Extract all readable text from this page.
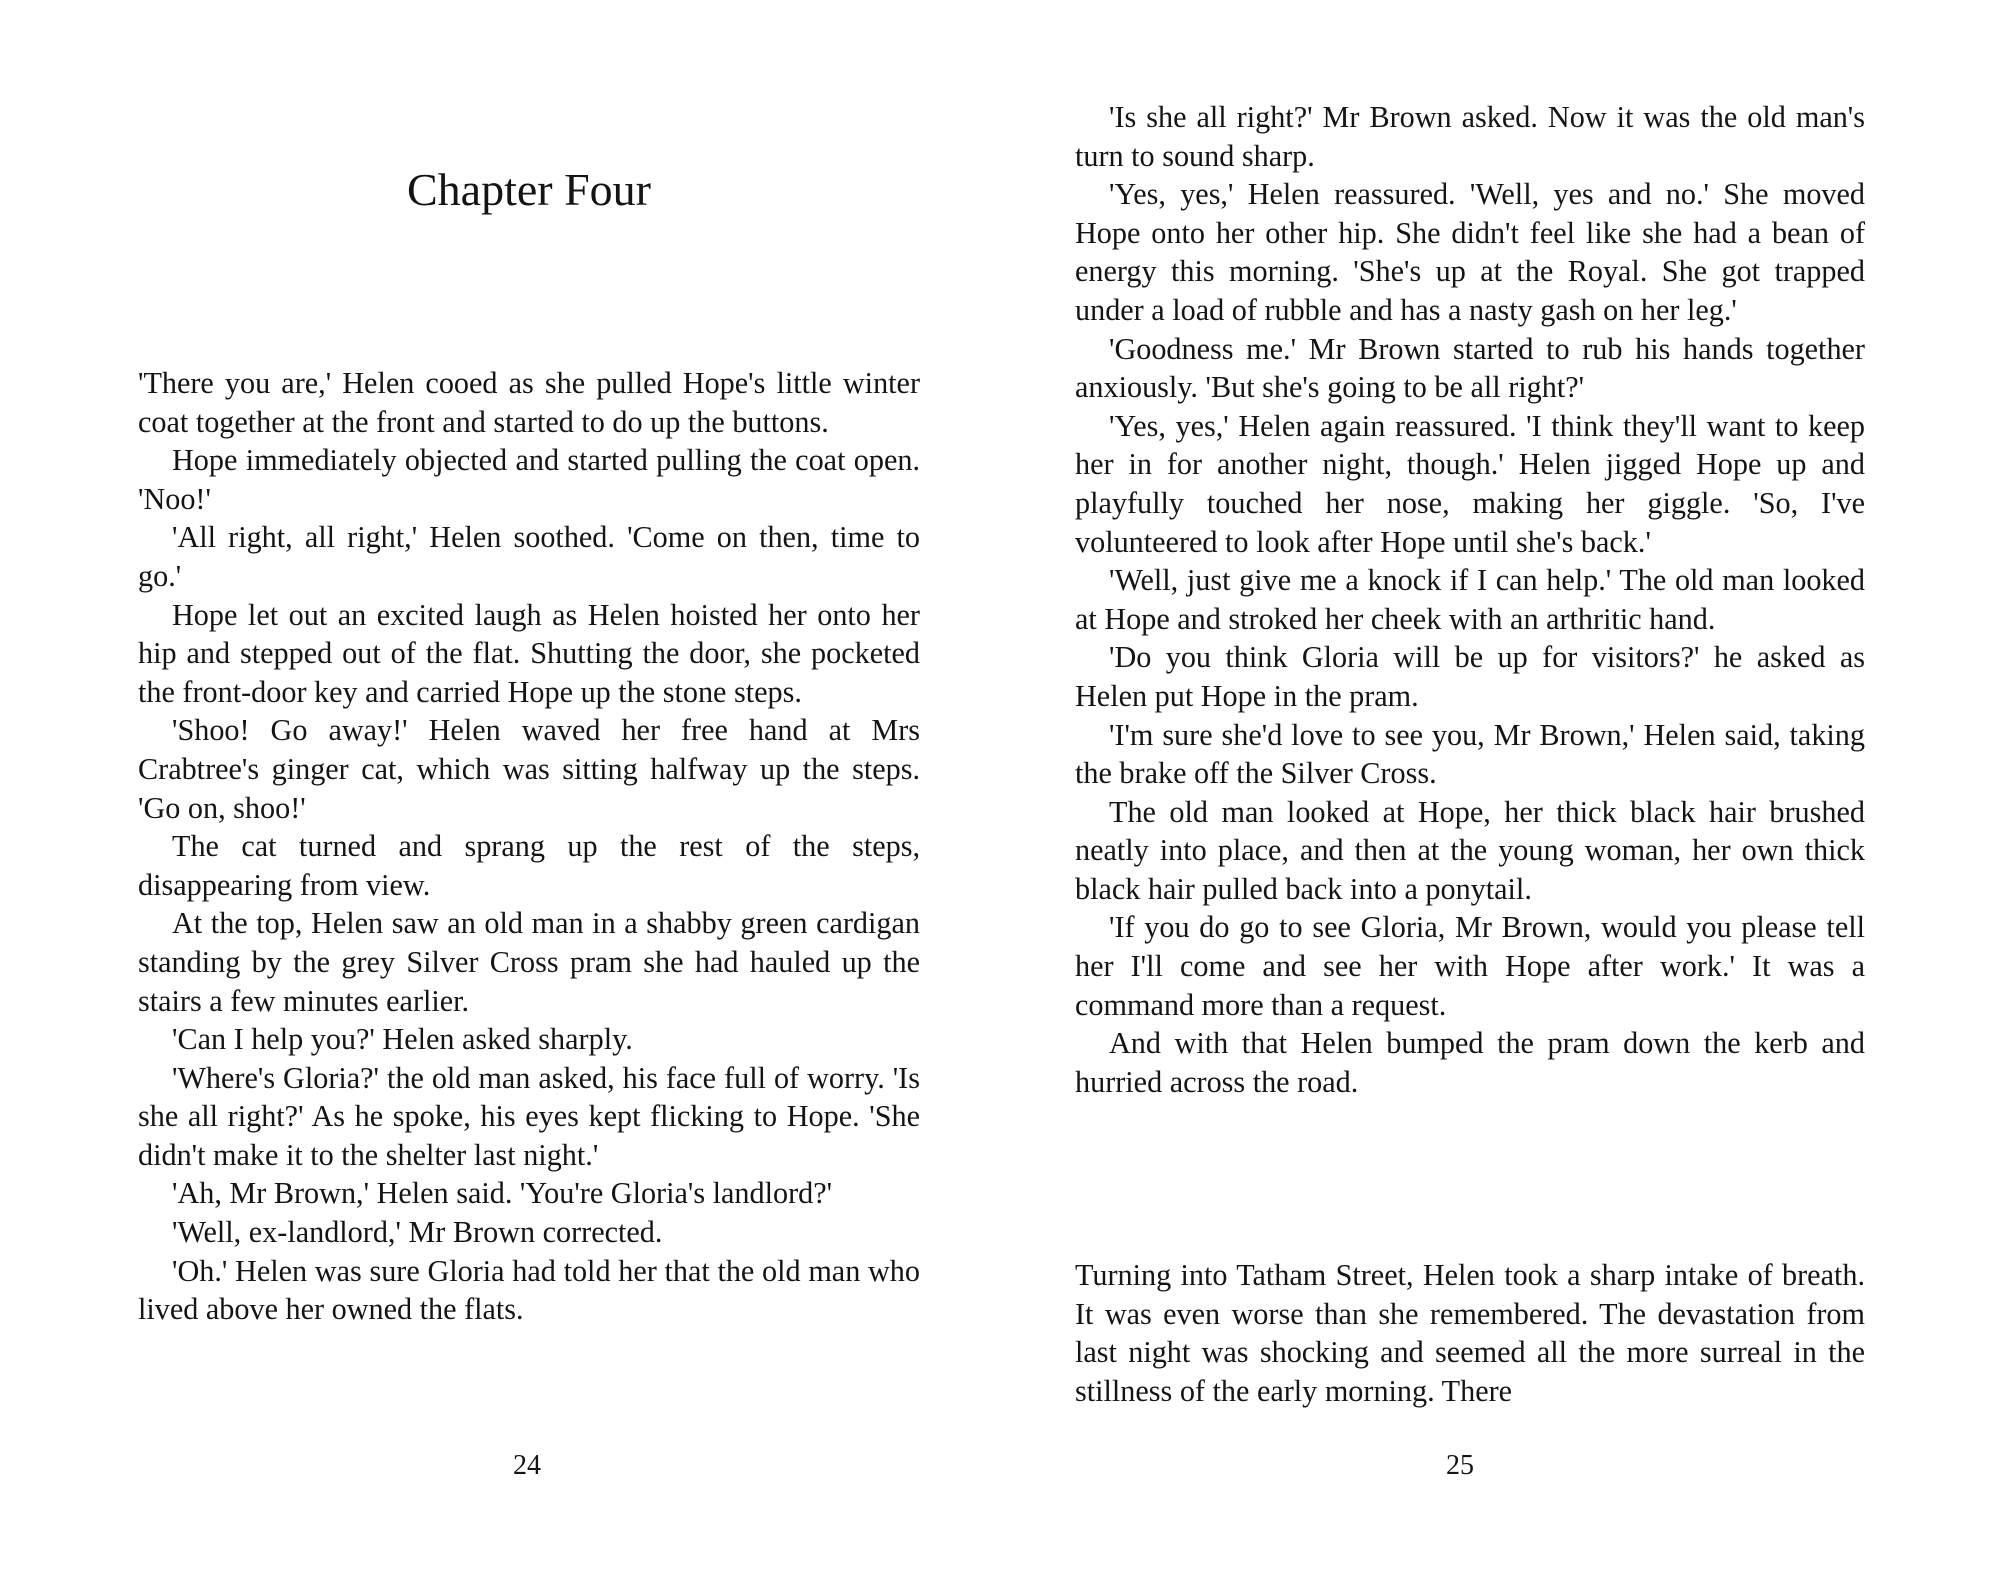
Chapter Four

'There you are,' Helen cooed as she pulled Hope's little winter coat together at the front and started to do up the buttons.

Hope immediately objected and started pulling the coat open. 'Noo!'

'All right, all right,' Helen soothed. 'Come on then, time to go.'

Hope let out an excited laugh as Helen hoisted her onto her hip and stepped out of the flat. Shutting the door, she pocketed the front-door key and carried Hope up the stone steps.

'Shoo! Go away!' Helen waved her free hand at Mrs Crabtree's ginger cat, which was sitting halfway up the steps. 'Go on, shoo!'

The cat turned and sprang up the rest of the steps, disappearing from view.

At the top, Helen saw an old man in a shabby green cardigan standing by the grey Silver Cross pram she had hauled up the stairs a few minutes earlier.

'Can I help you?' Helen asked sharply.

'Where's Gloria?' the old man asked, his face full of worry. 'Is she all right?' As he spoke, his eyes kept flicking to Hope. 'She didn't make it to the shelter last night.'

'Ah, Mr Brown,' Helen said. 'You're Gloria's landlord?'

'Well, ex-landlord,' Mr Brown corrected.

'Oh.' Helen was sure Gloria had told her that the old man who lived above her owned the flats.

24

'Is she all right?' Mr Brown asked. Now it was the old man's turn to sound sharp.

'Yes, yes,' Helen reassured. 'Well, yes and no.' She moved Hope onto her other hip. She didn't feel like she had a bean of energy this morning. 'She's up at the Royal. She got trapped under a load of rubble and has a nasty gash on her leg.'

'Goodness me.' Mr Brown started to rub his hands together anxiously. 'But she's going to be all right?'

'Yes, yes,' Helen again reassured. 'I think they'll want to keep her in for another night, though.' Helen jigged Hope up and playfully touched her nose, making her giggle. 'So, I've volunteered to look after Hope until she's back.'

'Well, just give me a knock if I can help.' The old man looked at Hope and stroked her cheek with an arthritic hand.

'Do you think Gloria will be up for visitors?' he asked as Helen put Hope in the pram.

'I'm sure she'd love to see you, Mr Brown,' Helen said, taking the brake off the Silver Cross.

The old man looked at Hope, her thick black hair brushed neatly into place, and then at the young woman, her own thick black hair pulled back into a ponytail.

'If you do go to see Gloria, Mr Brown, would you please tell her I'll come and see her with Hope after work.' It was a command more than a request.

And with that Helen bumped the pram down the kerb and hurried across the road.

Turning into Tatham Street, Helen took a sharp intake of breath. It was even worse than she remembered. The devastation from last night was shocking and seemed all the more surreal in the stillness of the early morning. There

25
